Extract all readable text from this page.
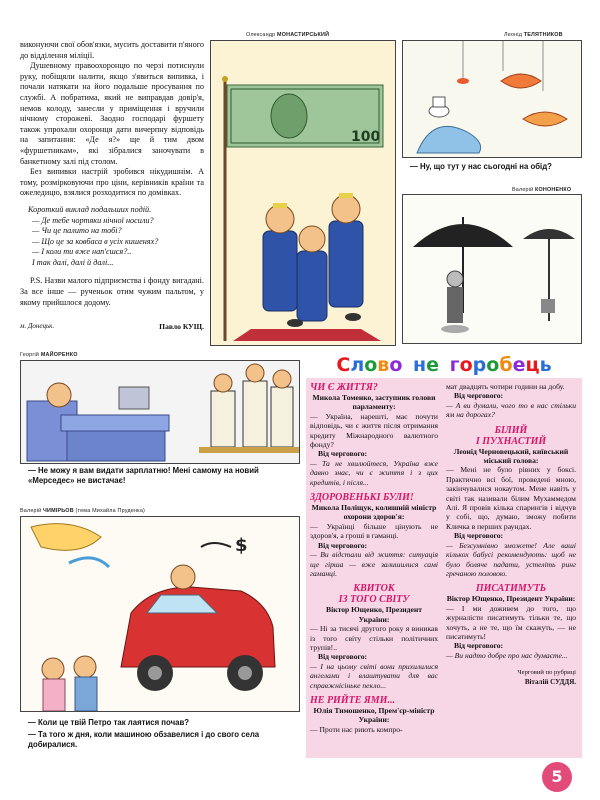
виконуючи свої обов'язки, мусить доставити п'яного до відділення міліції.

Душевному правоохоронцю по черзі потиснули руку, побіщяли налити, якщо з'явиться випивка, і почали натякати на його подальше просування по службі. А побратима, який не виправдав довір'я, немов колоду, занесли у приміщення і вручили нічному сторожеві. Заодно господарі фуршету також упрохали охоронця дати вичерпну відповідь на запитання: «Де я?» ще й тим двом «фуршетникам», які зібралися заночувати в банкетному залі під столом.

Без випивки настрій зробився нікудишнім. А тому, розмірковуючи про ціни, керівників країни та ожеледицю, взялися розходитися по домівках.

Короткий виклад подальших подій.

— Де тебе чортяки нічної носили?

— Чи це палито на тобі?

— Що це за ковбаса в усіх кишенях?

— І коли ти вже нап'єшся?..

І так далі, далі й далі...

P.S. Назви малого підприємства і фонду вигадані. За все інше — рученьок отим чужим пальтом, у якому прийшлося додому.

м. Донецьк.	Павло КУЩ.
Олександр МОНАСТИРСЬКИЙ
100
Леонід ТЕЛЯТНИКОВ
— Ну, що тут у нас сьогодні на обід?
Валерій КОНОНЕНКО
Георгій МАЙОРЕНКО
— Не можу я вам видати зарплатню! Мені самому на новий «Мерседес» не вистачає!
Валерій ЧИМІРЬОВ (тема Михайла Пруденка)
$
— Коли це твій Петро так лаятися почав?
— Та того ж дня, коли машиною обзавелися і до свого села добиралися.
Слово не горобець

ЧИ Є ЖИТТЯ?

Микола Томенко, заступник голови парламенту:

— Україна, нарешті, має почути відповідь, чи є життя після отримання кредиту Міжнародного валютного фонду?

Від чергового:

— Та не хвилюйтеся, Україна вже давно знає, чи є життя і з цих кредитів, і після...

ЗДОРОВЕНЬКІ БУЛИ!

Микола Поліщук, колишній міністр охорони здоров'я:

— Українці більше цінують не здоров'я, а гроші в гаманці.

Від чергового:

— Ви відстали від життя: ситуація ще гірша — вже залишилися самі гаманці.

КВИТОК
ІЗ ТОГО СВІТУ

Віктор Ющенко, Президент України:

— Ні за тисячі другого року я виникав із того світу стільки політичних трупів!..

Від чергового:

— І на цьому світі вони прихилилися ангелами і влаштувати для вас справжнісіньке пекло...

НЕ РИЙТЕ ЯМИ...

Юлія Тимошенко, Прем'єр-міністр України:

— Проти нас риють компро-

мат двадцять чотири години на добу.

Від чергового:

— А ви думали, чого то в нас стільки ям на дорогах?

БІЛИЙ
І ПУХНАСТИЙ

Леонід Черновецький, київський міський голова:

— Мені не було рівних у боксі. Практично всі бої, проведені мною, закінчувалися нокаутом. Мене навіть у світі так називали білим Мухаммедом Алі. Я провів кілька спарингів і відчув у собі, що, думаю, зможу побити Кличка в перших раундах.

Від чергового:

— Безсумнівно зможете! Але ваші кількох бабусі рекомендують: щоб не було боляче падати, устеліть ринг гречаною половою.

ПИСАТИМУТЬ

Віктор Ющенко, Президент України:

— І ми доживем до того, що журналісти писатимуть тільки те, що хочуть, а не те, що їм скажуть, — не писатимуть!

Від чергового:

— Ви надто добре про нас думаєте...

Черговий по рубриці

Віталій СУДДЯ.

5
